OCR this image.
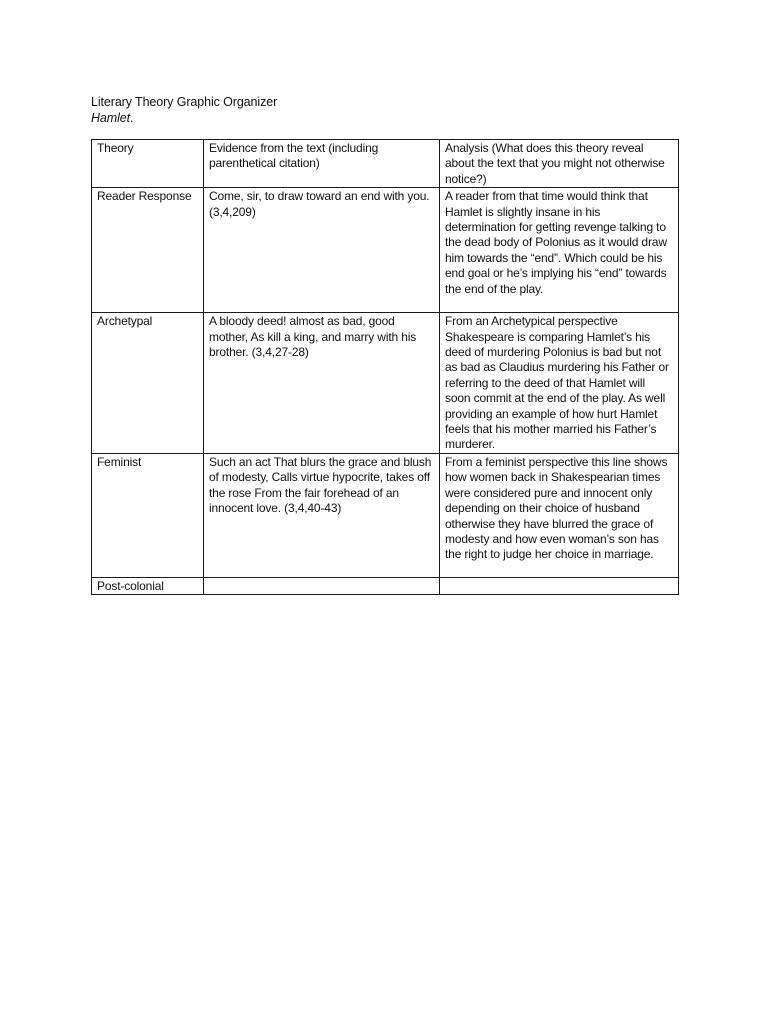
Literary Theory Graphic Organizer
Hamlet.
Theory	Evidence from the text (including parenthetical citation)	Analysis (What does this theory reveal about the text that you might not otherwise notice?)
Reader Response	Come, sir, to draw toward an end with you. (3,4,209)	A reader from that time would think that Hamlet is slightly insane in his determination for getting revenge talking to the dead body of Polonius as it would draw him towards the “end”. Which could be his end goal or he’s implying his “end” towards the end of the play.
Archetypal	A bloody deed! almost as bad, good mother, As kill a king, and marry with his brother. (3,4,27-28)	From an Archetypical perspective Shakespeare is comparing Hamlet’s his deed of murdering Polonius is bad but not as bad as Claudius murdering his Father or referring to the deed of that Hamlet will soon commit at the end of the play. As well providing an example of how hurt Hamlet feels that his mother married his Father’s murderer.
Feminist	Such an act That blurs the grace and blush of modesty, Calls virtue hypocrite, takes off the rose From the fair forehead of an innocent love. (3,4,40-43)	From a feminist perspective this line shows how women back in Shakespearian times were considered pure and innocent only depending on their choice of husband otherwise they have blurred the grace of modesty and how even woman’s son has the right to judge her choice in marriage.
Post-colonial		
